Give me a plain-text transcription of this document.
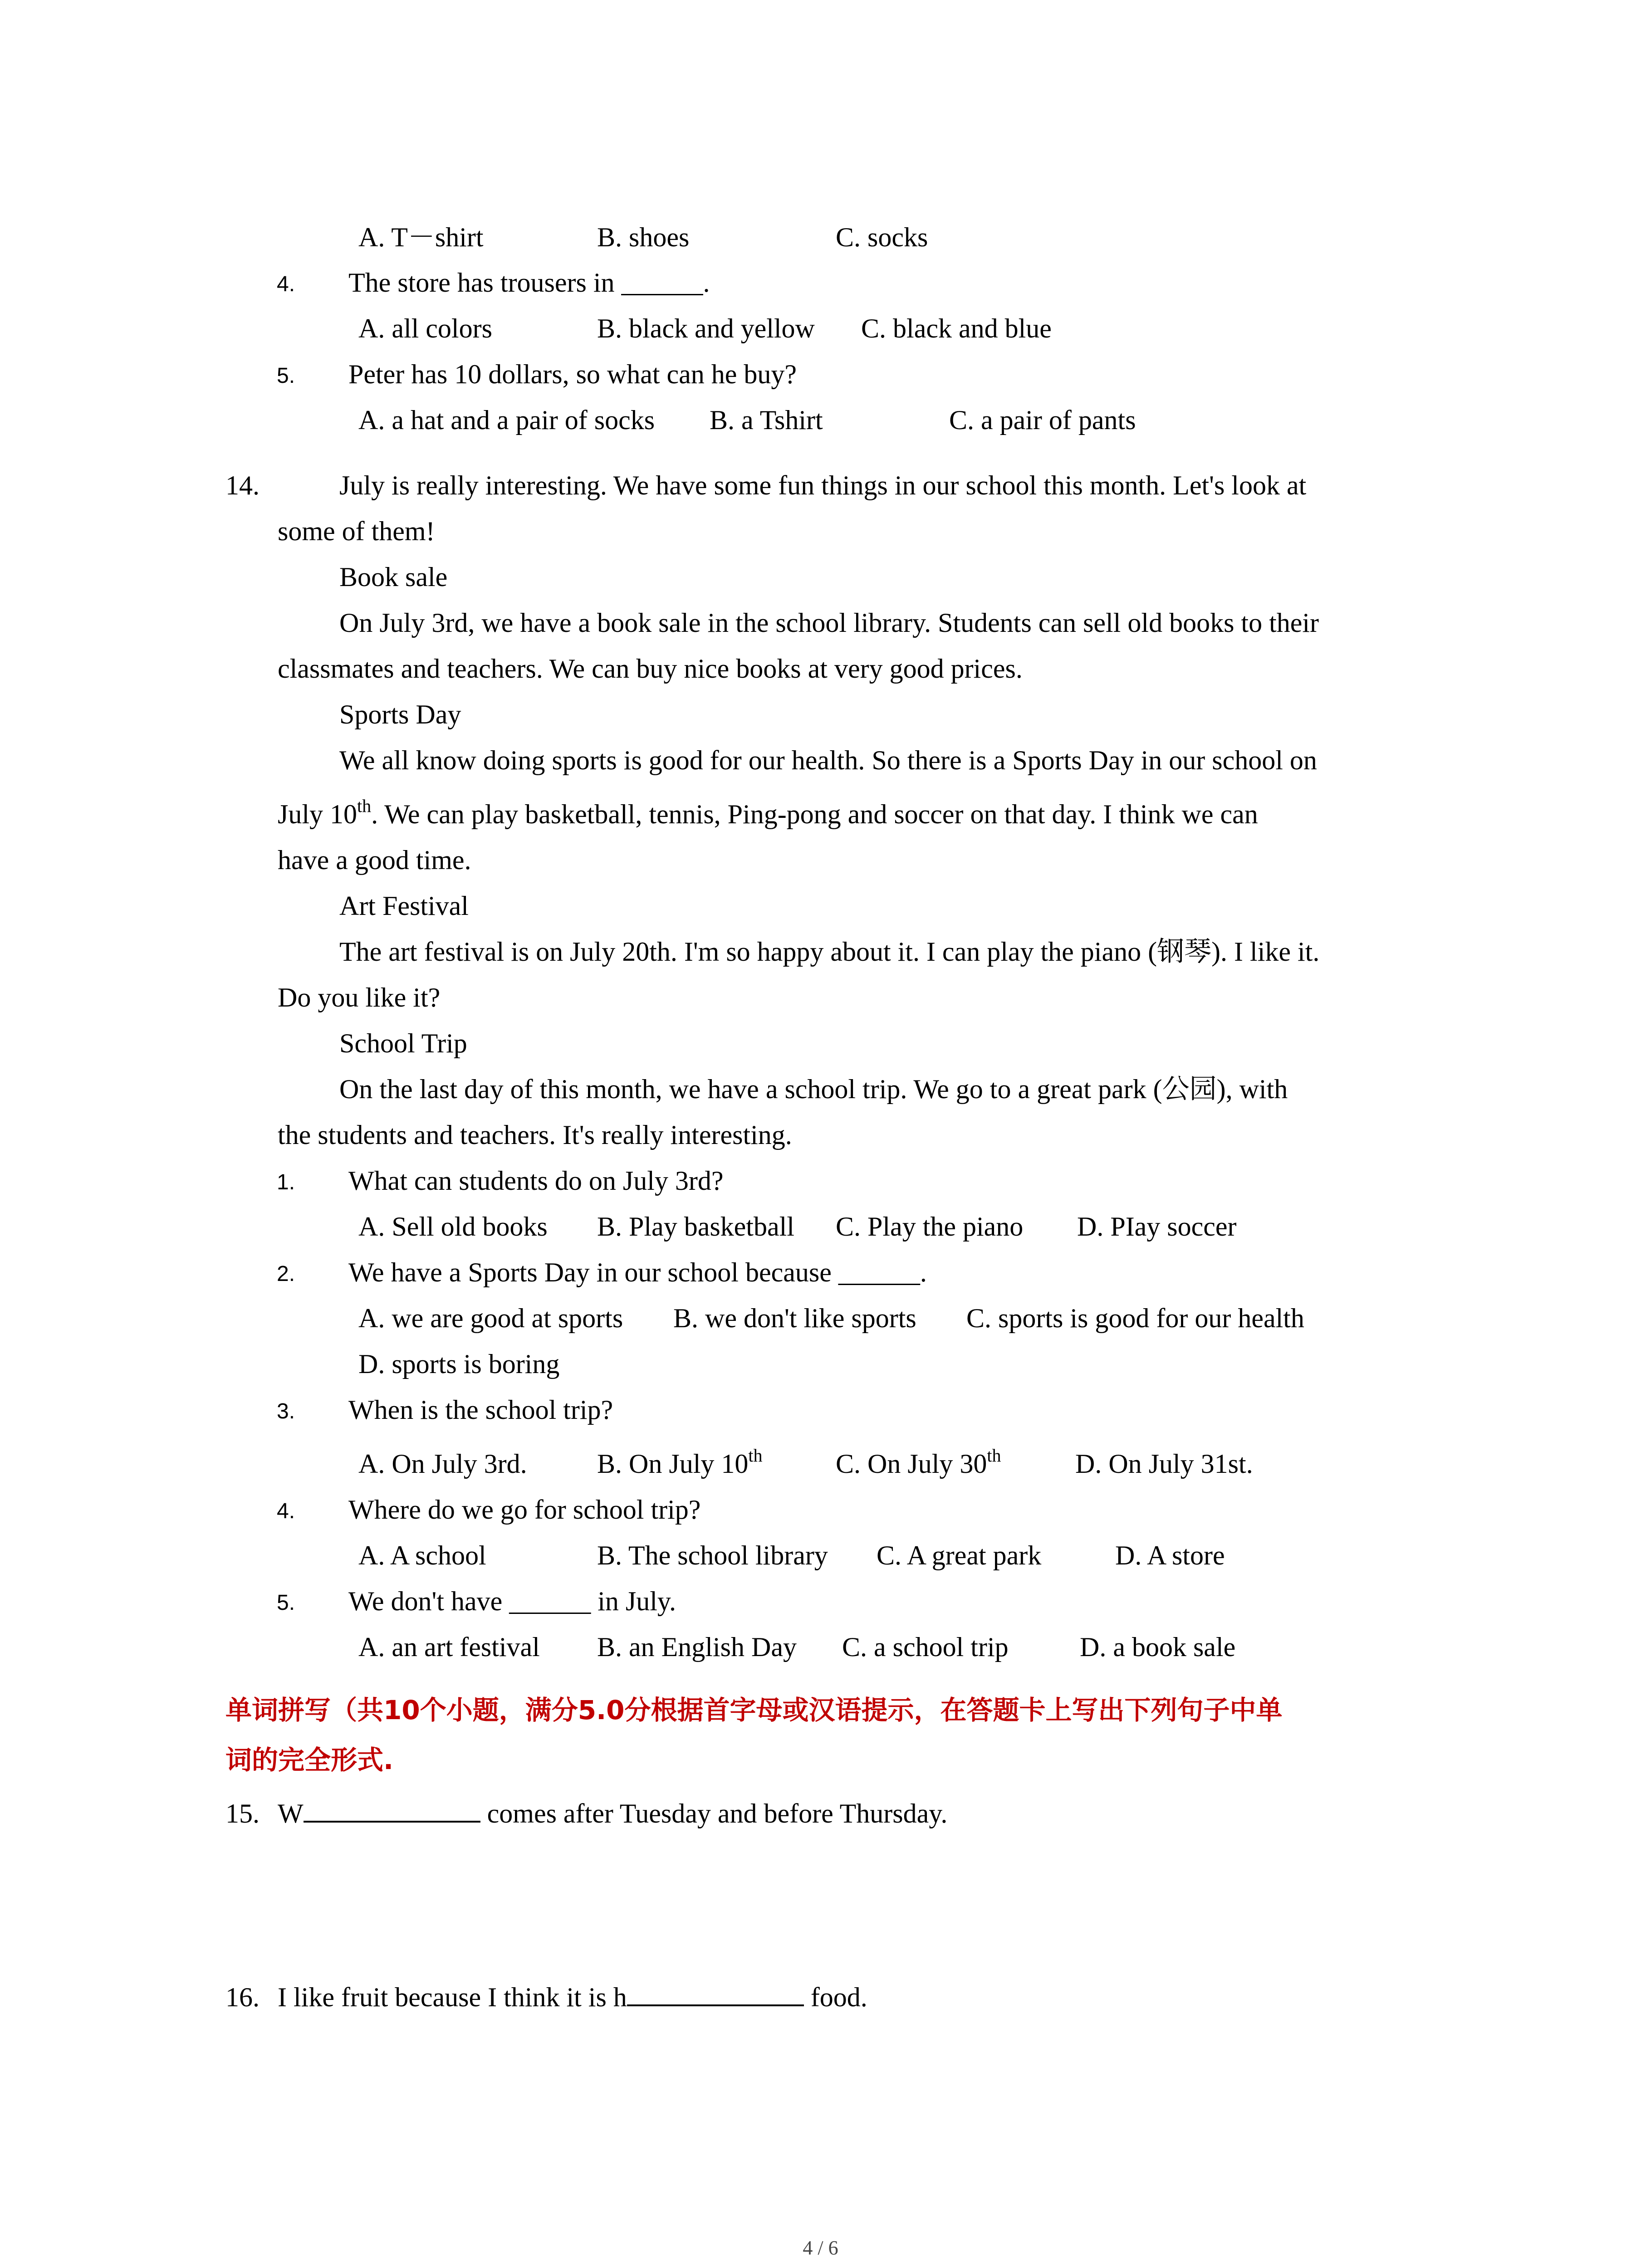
A. T－shirt	B. shoes	C. socks
4. The store has trousers in ______.
A. all colors	B. black and yellow C. black and blue
5. Peter has 10 dollars, so what can he buy?
A. a hat and a pair of socks B. a Tshirt	C. a pair of pants
14.	July is really interesting. We have some fun things in our school this month. Let's look at
some of them!
Book sale
On July 3rd, we have a book sale in the school library. Students can sell old books to their
classmates and teachers. We can buy nice books at very good prices.
Sports Day
We all know doing sports is good for our health. So there is a Sports Day in our school on
July 10th. We can play basketball, tennis, Ping-pong and soccer on that day. I think we can
have a good time.
Art Festival
The art festival is on July 20th. I'm so happy about it. I can play the piano (钢琴). I like it.
Do you like it?
School Trip
On the last day of this month, we have a school trip. We go to a great park (公园), with
the students and teachers. It's really interesting.
1. What can students do on July 3rd?
A. Sell old books B. Play basketball C. Play the piano D. PIay soccer
2. We have a Sports Day in our school because ______.
A. we are good at sports B. we don't like sports C. sports is good for our health
D. sports is boring
3. When is the school trip?
A. On July 3rd.	B. On July 10th	C. On July 30th	D. On July 31st.
4. Where do we go for school trip?
A. A school	B. The school library C. A great park	D. A store
5. We don't have ______ in July.
A. an art festival B. an English Day C. a school trip	D. a book sale
单词拼写（共10个小题，满分5.0分根据首字母或汉语提示，在答题卡上写出下列句子中单
词的完全形式.
15. W	comes after Tuesday and before Thursday.
16. I like fruit because I think it is h	food.
4 / 6
